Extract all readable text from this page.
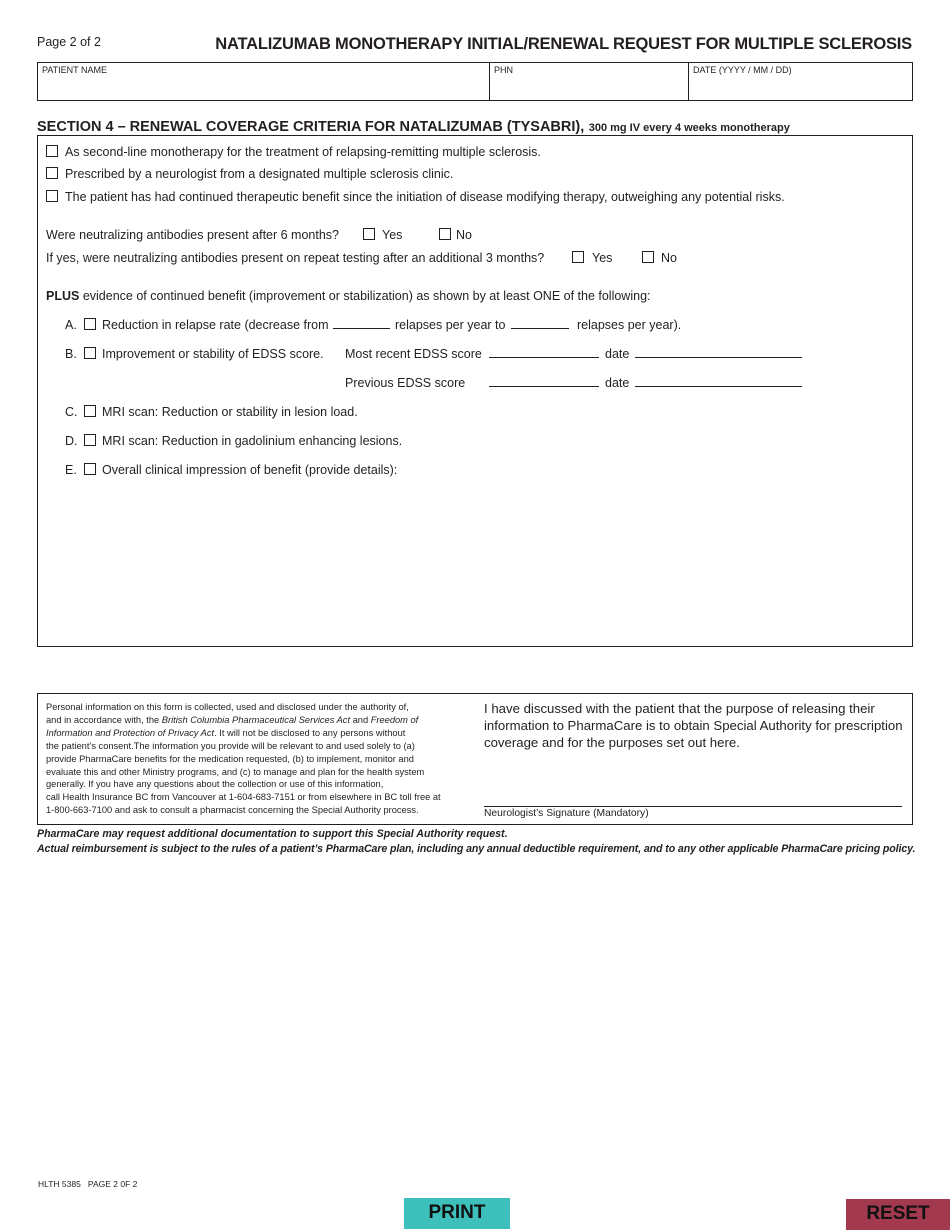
Page 2 of 2	NATALIZUMAB MONOTHERAPY INITIAL/RENEWAL REQUEST FOR MULTIPLE SCLEROSIS
PATIENT NAME	PHN	DATE (YYYY / MM / DD)
SECTION 4 – RENEWAL COVERAGE CRITERIA FOR NATALIZUMAB (TYSABRI), 300 mg IV every 4 weeks monotherapy
As second-line monotherapy for the treatment of relapsing-remitting multiple sclerosis.
Prescribed by a neurologist from a designated multiple sclerosis clinic.
The patient has had continued therapeutic benefit since the initiation of disease modifying therapy, outweighing any potential risks.
Were neutralizing antibodies present after 6 months?	Yes	No
If yes, were neutralizing antibodies present on repeat testing after an additional 3 months?	Yes	No
PLUS evidence of continued benefit (improvement or stabilization) as shown by at least ONE of the following:
A. Reduction in relapse rate (decrease from	relapses per year to	relapses per year).
B. Improvement or stability of EDSS score. Most recent EDSS score	date
Previous EDSS score	date
C. MRI scan: Reduction or stability in lesion load.
D. MRI scan: Reduction in gadolinium enhancing lesions.
E. Overall clinical impression of benefit (provide details):
Personal information on this form is collected, used and disclosed under the authority of,
and in accordance with, the British Columbia Pharmaceutical Services Act and Freedom of
Information and Protection of Privacy Act. It will not be disclosed to any persons without
the patient’s consent.The information you provide will be relevant to and used solely to (a)
provide PharmaCare benefits for the medication requested, (b) to implement, monitor and
evaluate this and other Ministry programs, and (c) to manage and plan for the health system
generally. If you have any questions about the collection or use of this information,
call Health Insurance BC from Vancouver at 1-604-683-7151 or from elsewhere in BC toll free at
1-800-663-7100 and ask to consult a pharmacist concerning the Special Authority process.
I have discussed with the patient that the purpose of releasing their
information to PharmaCare is to obtain Special Authority for prescription
coverage and for the purposes set out here.
Neurologist’s Signature (Mandatory)
PharmaCare may request additional documentation to support this Special Authority request.
Actual reimbursement is subject to the rules of a patient’s PharmaCare plan, including any annual deductible requirement, and to any other applicable PharmaCare pricing policy.
HLTH 5385   PAGE 2 0F 2
PRINT	RESET
